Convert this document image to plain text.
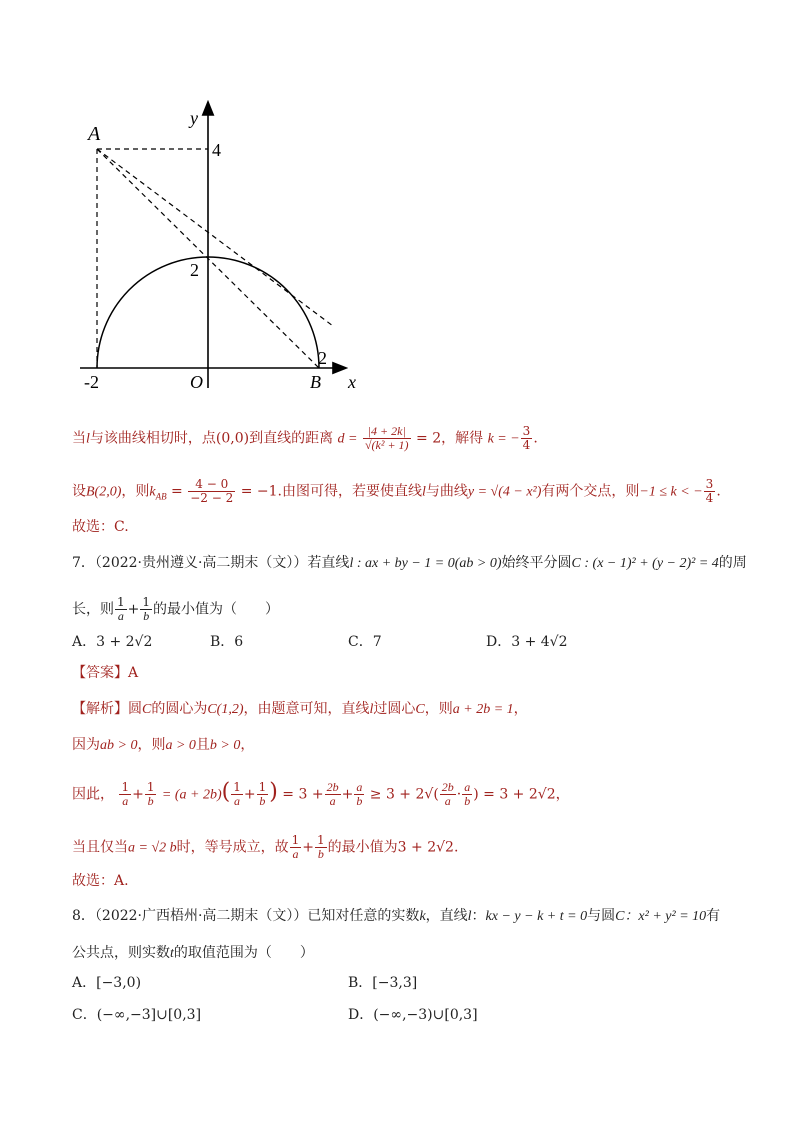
A
y
4
2
2
-2	O	B x
当l与该曲线相切时，点(0,0)到直线的距离 $d = \frac{|4 + 2k|}{\text{√(k² + 1)}} = 2$，解得 k = − $\frac{3}{4}$ .
设B(2,0)，则$k_{AB} = \frac{4 - 0}{-2 - 2} = -1$.由图可得，若要使直线l与曲线y = √(4 − x²)有两个交点，则−1 ≤ k < − $\frac{3}{4}$ .
故选：C.
7．（2022·贵州遵义·高二期末（文））若直线l : ax + by − 1 = 0(ab > 0)始终平分圆C : (x − 1)² + (y − 2)² = 4的周
长，则 $\frac{1}{a} + \frac{1}{b}$ 的最小值为（　　）
A．3 + 2√2	B．6	C．7	D．3 + 4√2
【答案】A
【解析】圆C的圆心为C(1,2)，由题意可知，直线l过圆心C，则a + 2b = 1，
因为ab > 0，则a > 0且b > 0，
因此， $\frac{1}{a} + \frac{1}{b} = (a + 2b)( \frac{1}{a} + \frac{1}{b}$ ) = $3 + \frac{2b}{a} + \frac{a}{b} \ge 3 + 2√( \frac{2b}{a} \cdot \frac{a}{b}$ ) = 3 + 2√2，
当且仅当a = √2 b时，等号成立，故 $\frac{1}{a} + \frac{1}{b}$ 的最小值为3 + 2√2.
故选：A.
8．（2022·广西梧州·高二期末（文））已知对任意的实数k，直线l：kx − y − k + t = 0与圆C：x² + y² = 10有
公共点，则实数t的取值范围为（　　）
A．[−3,0)	B．[−3,3]
C．(−∞,−3]∪[0,3]	D．(−∞,−3)∪[0,3]
